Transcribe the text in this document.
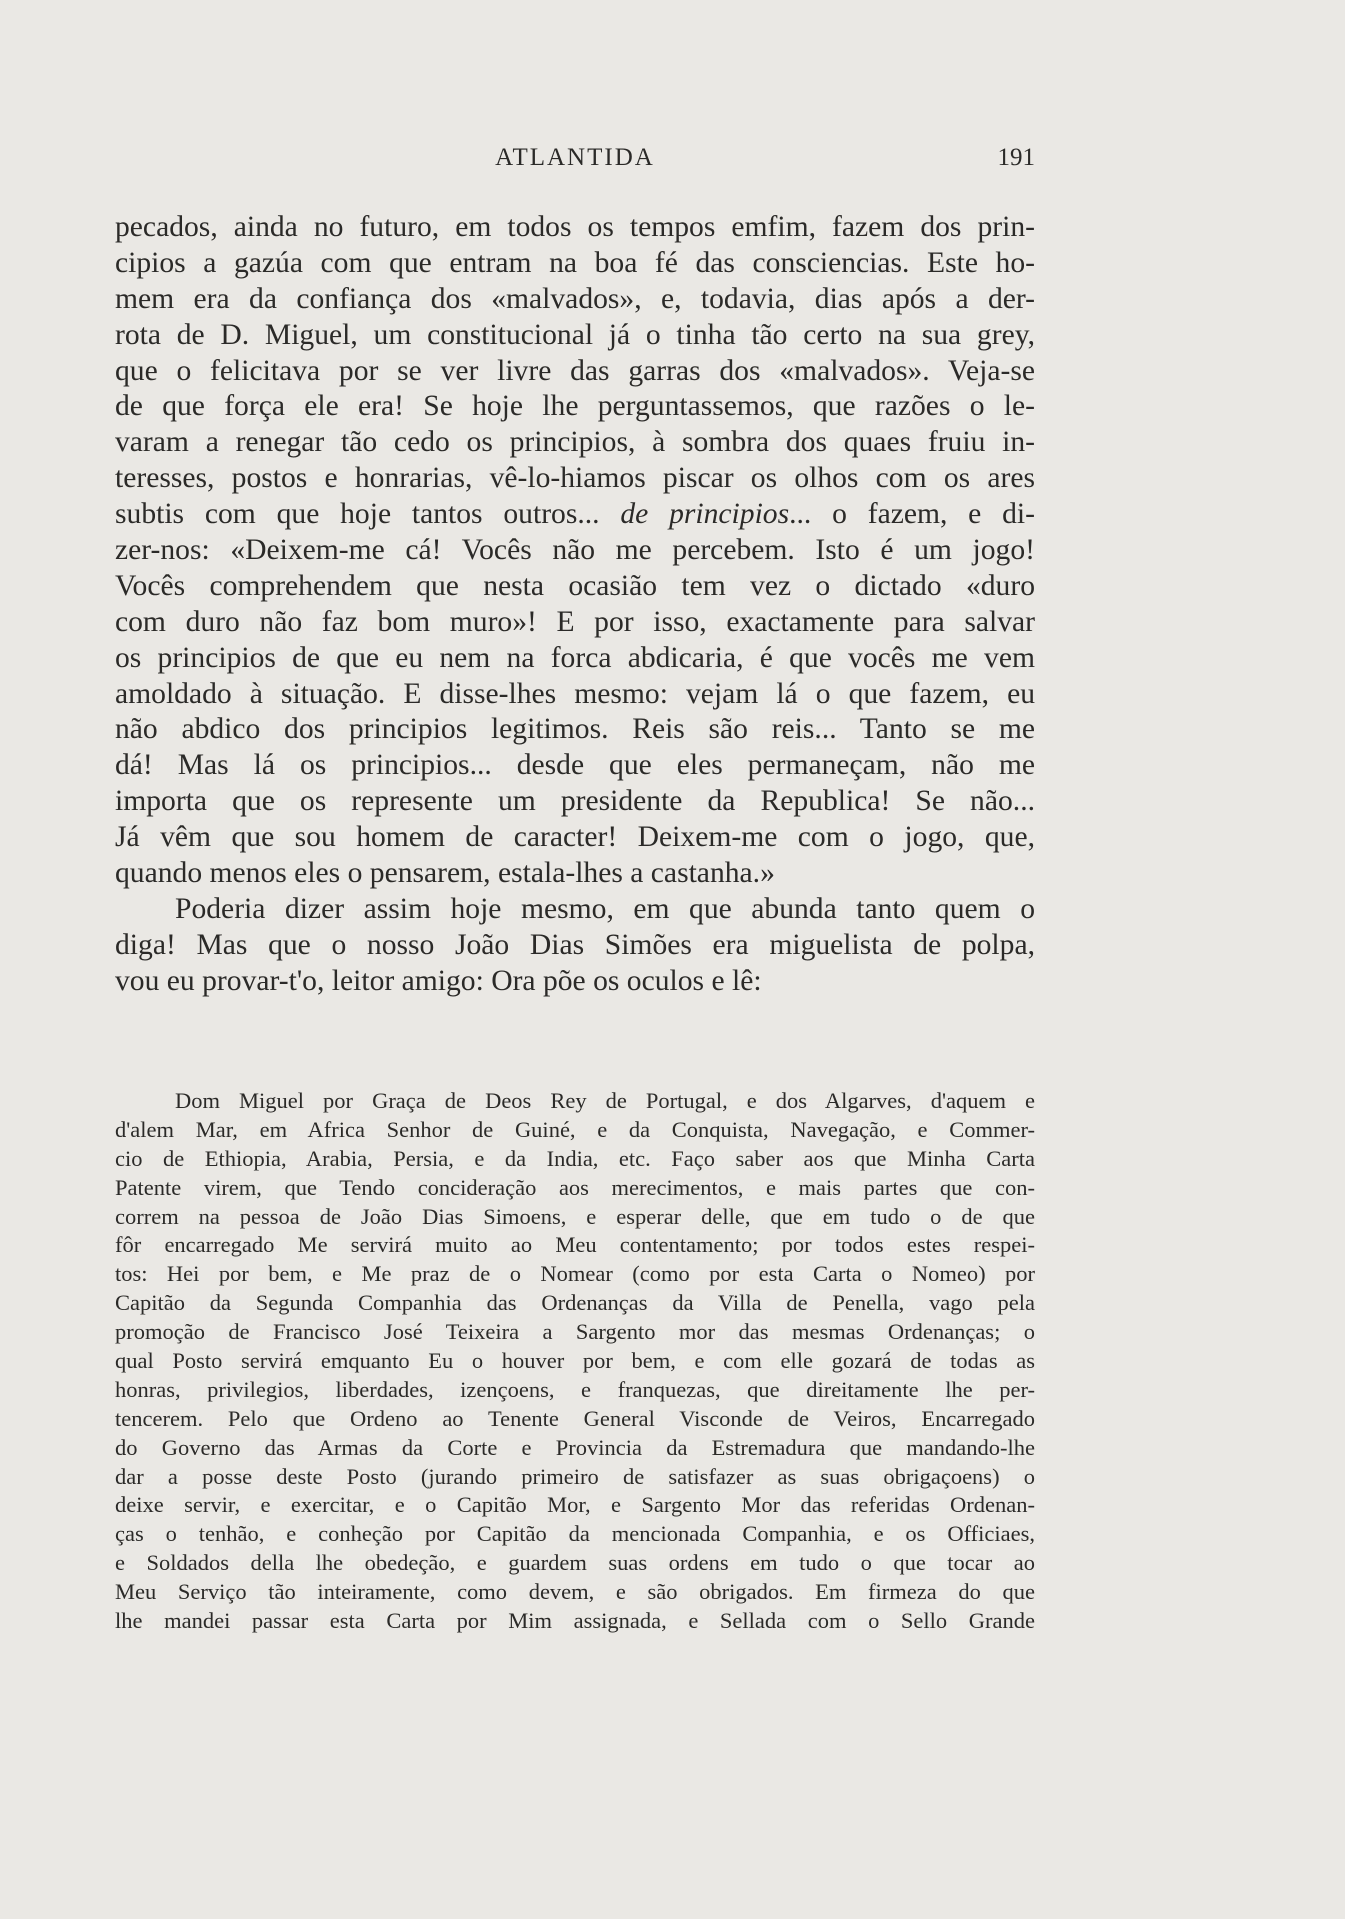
ATLANTIDA	191
pecados, ainda no futuro, em todos os tempos emfim, fazem dos prin-
cipios a gazúa com que entram na boa fé das consciencias. Este ho-
mem era da confiança dos «malvados», e, todavia, dias após a der-
rota de D. Miguel, um constitucional já o tinha tão certo na sua grey,
que o felicitava por se ver livre das garras dos «malvados». Veja-se
de que força ele era! Se hoje lhe perguntassemos, que razões o le-
varam a renegar tão cedo os principios, à sombra dos quaes fruiu in-
teresses, postos e honrarias, vê-lo-hiamos piscar os olhos com os ares
subtis com que hoje tantos outros... de principios... o fazem, e di-
zer-nos: «Deixem-me cá! Vocês não me percebem. Isto é um jogo!
Vocês comprehendem que nesta ocasião tem vez o dictado «duro
com duro não faz bom muro»! E por isso, exactamente para salvar
os principios de que eu nem na forca abdicaria, é que vocês me vem
amoldado à situação. E disse-lhes mesmo: vejam lá o que fazem, eu
não abdico dos principios legitimos. Reis são reis... Tanto se me
dá! Mas lá os principios... desde que eles permaneçam, não me
importa que os represente um presidente da Republica! Se não...
Já vêm que sou homem de caracter! Deixem-me com o jogo, que,
quando menos eles o pensarem, estala-lhes a castanha.»
Poderia dizer assim hoje mesmo, em que abunda tanto quem o
diga! Mas que o nosso João Dias Simões era miguelista de polpa,
vou eu provar-t'o, leitor amigo: Ora põe os oculos e lê:
Dom Miguel por Graça de Deos Rey de Portugal, e dos Algarves, d'aquem e
d'alem Mar, em Africa Senhor de Guiné, e da Conquista, Navegação, e Commer-
cio de Ethiopia, Arabia, Persia, e da India, etc. Faço saber aos que Minha Carta
Patente virem, que Tendo concideração aos merecimentos, e mais partes que con-
correm na pessoa de João Dias Simoens, e esperar delle, que em tudo o de que
fôr encarregado Me servirá muito ao Meu contentamento; por todos estes respei-
tos: Hei por bem, e Me praz de o Nomear (como por esta Carta o Nomeo) por
Capitão da Segunda Companhia das Ordenanças da Villa de Penella, vago pela
promoção de Francisco José Teixeira a Sargento mor das mesmas Ordenanças; o
qual Posto servirá emquanto Eu o houver por bem, e com elle gozará de todas as
honras, privilegios, liberdades, izençoens, e franquezas, que direitamente lhe per-
tencerem. Pelo que Ordeno ao Tenente General Visconde de Veiros, Encarregado
do Governo das Armas da Corte e Provincia da Estremadura que mandando-lhe
dar a posse deste Posto (jurando primeiro de satisfazer as suas obrigaçoens) o
deixe servir, e exercitar, e o Capitão Mor, e Sargento Mor das referidas Ordenan-
ças o tenhão, e conheção por Capitão da mencionada Companhia, e os Officiaes,
e Soldados della lhe obedeção, e guardem suas ordens em tudo o que tocar ao
Meu Serviço tão inteiramente, como devem, e são obrigados. Em firmeza do que
lhe mandei passar esta Carta por Mim assignada, e Sellada com o Sello Grande
